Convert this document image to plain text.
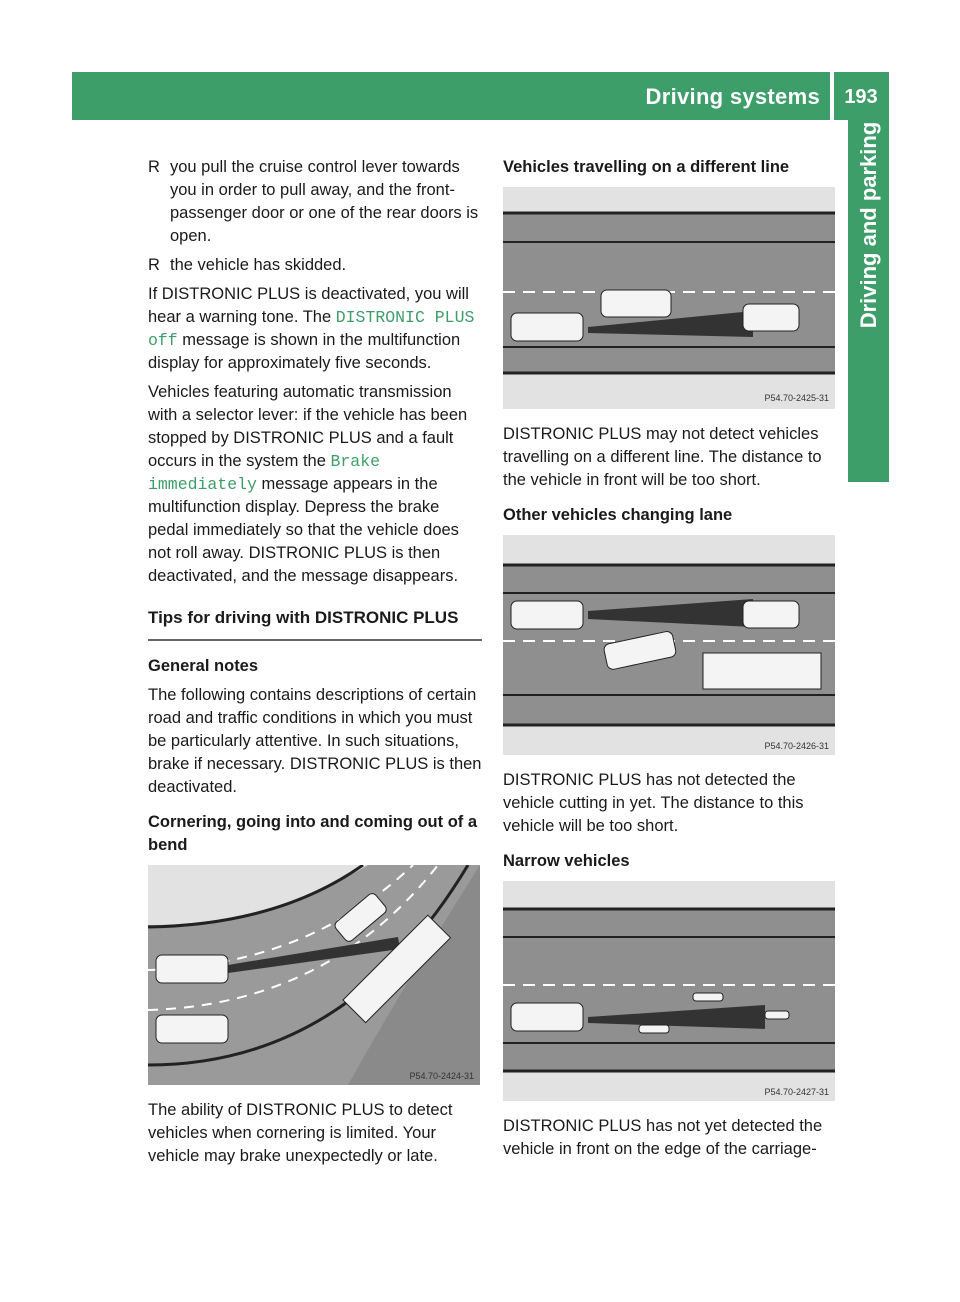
Driving systems	193
Driving and parking

R you pull the cruise control lever towards you in order to pull away, and the front-passenger door or one of the rear doors is open.

R the vehicle has skidded.

If DISTRONIC PLUS is deactivated, you will hear a warning tone. The DISTRONIC PLUS off message is shown in the multifunction display for approximately five seconds.

Vehicles featuring automatic transmission with a selector lever: if the vehicle has been stopped by DISTRONIC PLUS and a fault occurs in the system the Brake immediately message appears in the multifunction display. Depress the brake pedal immediately so that the vehicle does not roll away. DISTRONIC PLUS is then deactivated, and the message disappears.

Tips for driving with DISTRONIC PLUS
General notes

The following contains descriptions of certain road and traffic conditions in which you must be particularly attentive. In such situations, brake if necessary. DISTRONIC PLUS is then deactivated.

Cornering, going into and coming out of a bend
P54.70-2424-31

The ability of DISTRONIC PLUS to detect vehicles when cornering is limited. Your vehicle may brake unexpectedly or late.

Vehicles travelling on a different line
P54.70-2425-31

DISTRONIC PLUS may not detect vehicles travelling on a different line. The distance to the vehicle in front will be too short.

Other vehicles changing lane
P54.70-2426-31

DISTRONIC PLUS has not detected the vehicle cutting in yet. The distance to this vehicle will be too short.

Narrow vehicles
P54.70-2427-31

DISTRONIC PLUS has not yet detected the vehicle in front on the edge of the carriage-
